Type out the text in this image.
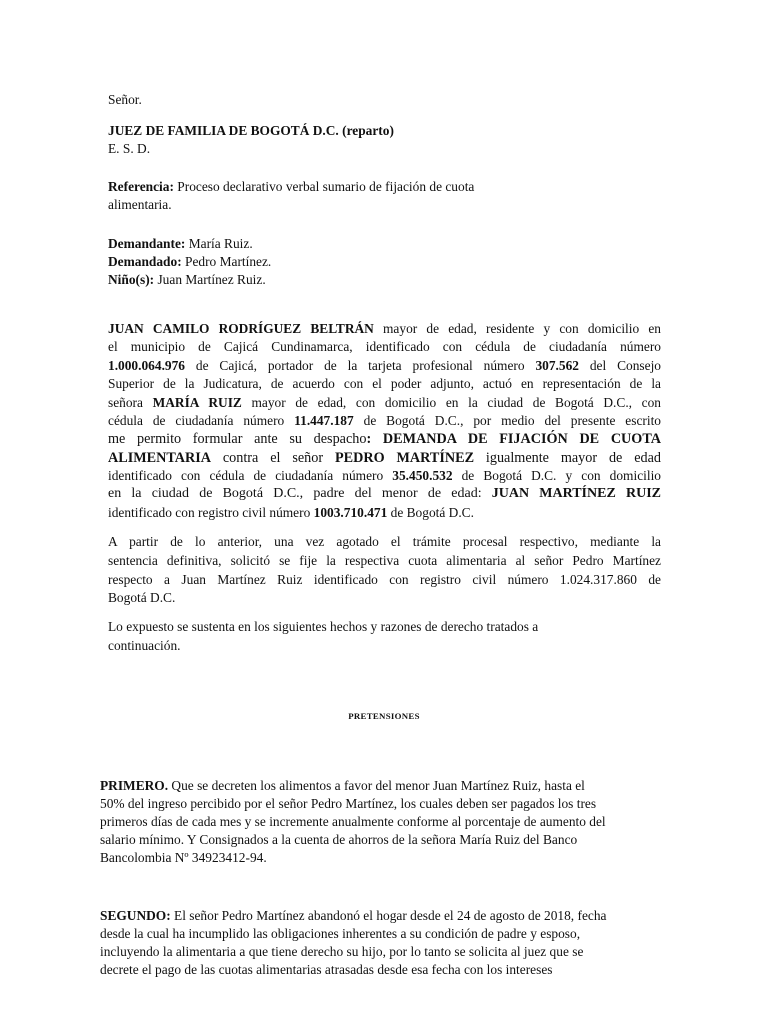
Señor.

JUEZ DE FAMILIA DE BOGOTÁ D.C. (reparto)

E. S. D.

Referencia: Proceso declarativo verbal sumario de fijación de cuota

alimentaria.

Demandante: María Ruiz.

Demandado: Pedro Martínez.

Niño(s): Juan Martínez Ruiz.

JUAN CAMILO RODRÍGUEZ BELTRÁN mayor de edad, residente y con domicilio en

el municipio de Cajicá Cundinamarca, identificado con cédula de ciudadanía número

1.000.064.976 de Cajicá, portador de la tarjeta profesional número 307.562 del Consejo

Superior de la Judicatura, de acuerdo con el poder adjunto, actuó en representación de la

señora MARÍA RUIZ mayor de edad, con domicilio en la ciudad de Bogotá D.C., con

cédula de ciudadanía número 11.447.187 de Bogotá D.C., por medio del presente escrito

me permito formular ante su despacho: DEMANDA DE FIJACIÓN DE CUOTA

ALIMENTARIA contra el señor PEDRO MARTÍNEZ igualmente mayor de edad

identificado con cédula de ciudadanía número 35.450.532 de Bogotá D.C. y con domicilio

en la ciudad de Bogotá D.C., padre del menor de edad: JUAN MARTÍNEZ RUIZ

identificado con registro civil número 1003.710.471 de Bogotá D.C.

A partir de lo anterior, una vez agotado el trámite procesal respectivo, mediante la

sentencia definitiva, solicitó se fije la respectiva cuota alimentaria al señor Pedro Martínez

respecto a Juan Martínez Ruiz identificado con registro civil número 1.024.317.860 de

Bogotá D.C.

Lo expuesto se sustenta en los siguientes hechos y razones de derecho tratados a

continuación.

PRETENSIONES

PRIMERO. Que se decreten los alimentos a favor del menor Juan Martínez Ruiz, hasta el

50% del ingreso percibido por el señor Pedro Martínez, los cuales deben ser pagados los tres

primeros días de cada mes y se incremente anualmente conforme al porcentaje de aumento del

salario mínimo. Y Consignados a la cuenta de ahorros de la señora María Ruiz del Banco

Bancolombia Nº 34923412-94.

SEGUNDO: El señor Pedro Martínez abandonó el hogar desde el 24 de agosto de 2018, fecha

desde la cual ha incumplido las obligaciones inherentes a su condición de padre y esposo,

incluyendo la alimentaria a que tiene derecho su hijo, por lo tanto se solicita al juez que se

decrete el pago de las cuotas alimentarias atrasadas desde esa fecha con los intereses
